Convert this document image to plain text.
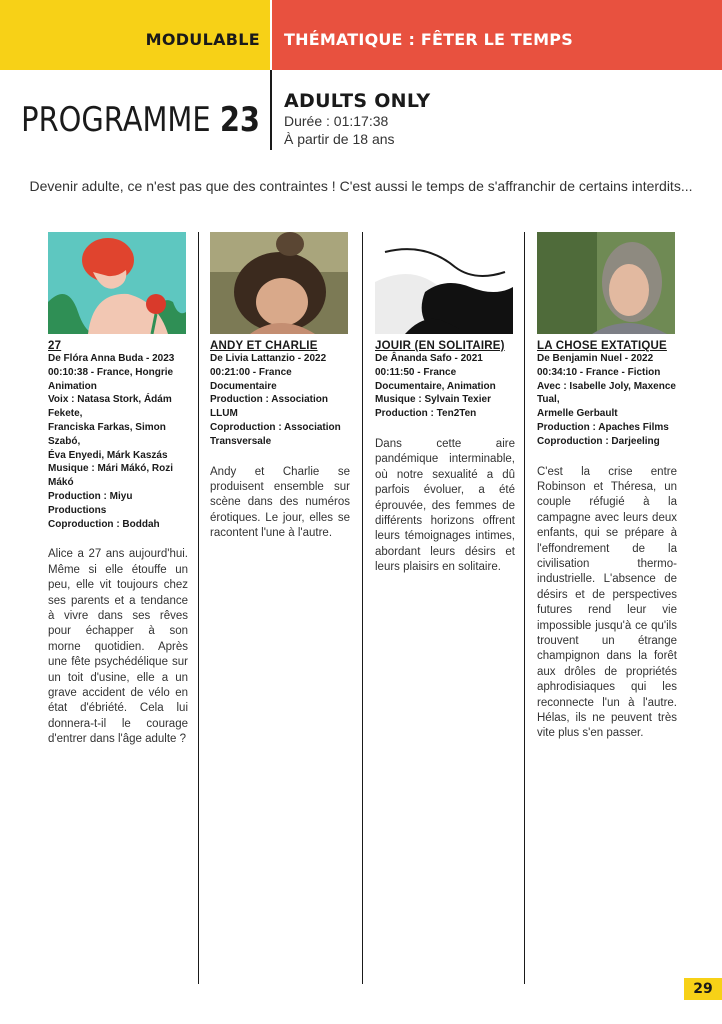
MODULABLE THÉMATIQUE : FÊTER LE TEMPS
PROGRAMME 23 ADULTS ONLY
Durée : 01:17:38
À partir de 18 ans
Devenir adulte, ce n'est pas que des contraintes ! C'est aussi le temps de s'affranchir de certains interdits...
27
De Flóra Anna Buda - 2023
00:10:38 - France, Hongrie
Animation
Voix : Natasa Stork, Ádám Fekete,
Franciska Farkas, Simon Szabó,
Éva Enyedi, Márk Kaszás
Musique : Mári Mákó, Rozi Mákó
Production : Miyu Productions
Coproduction : Boddah
Alice a 27 ans aujourd'hui. Même si elle étouffe un peu, elle vit toujours chez ses parents et a tendance à vivre dans ses rêves pour échapper à son morne quotidien. Après une fête psychédélique sur un toit d'usine, elle a un grave accident de vélo en état d'ébriété. Cela lui donnera-t-il le courage d'entrer dans l'âge adulte ?
ANDY ET CHARLIE
De Livia Lattanzio - 2022
00:21:00 - France
Documentaire
Production : Association LLUM
Coproduction : Association
Transversale
Andy et Charlie se produisent ensemble sur scène dans des numéros érotiques. Le jour, elles se racontent l'une à l'autre.
JOUIR (EN SOLITAIRE)
De Ânanda Safo - 2021
00:11:50 - France
Documentaire, Animation
Musique : Sylvain Texier
Production : Ten2Ten
Dans cette aire pandémique interminable, où notre sexualité a dû parfois évoluer, a été éprouvée, des femmes de différents horizons offrent leurs témoignages intimes, abordant leurs désirs et leurs plaisirs en solitaire.
LA CHOSE EXTATIQUE
De Benjamin Nuel - 2022
00:34:10 - France - Fiction
Avec : Isabelle Joly, Maxence Tual,
Armelle Gerbault
Production : Apaches Films
Coproduction : Darjeeling
C'est la crise entre Robinson et Théresa, un couple réfugié à la campagne avec leurs deux enfants, qui se prépare à l'effondrement de la civilisation thermo-industrielle. L'absence de désirs et de perspectives futures rend leur vie impossible jusqu'à ce qu'ils trouvent un étrange champignon dans la forêt aux drôles de propriétés aphrodisiaques qui les reconnecte l'un à l'autre. Hélas, ils ne peuvent très vite plus s'en passer.
29
